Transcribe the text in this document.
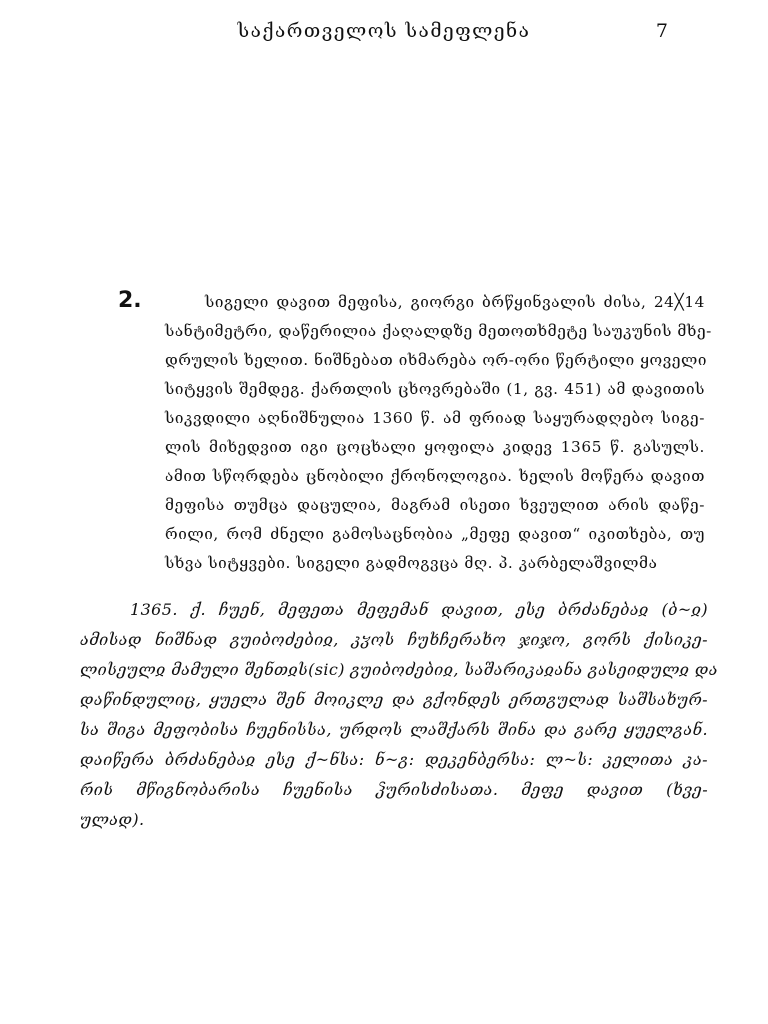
საქართველოს სამეფლენა	7
2.	სიგელი დავით მეფისა, გიორგი ბრწყინვალის ძისა, 24╳14
სანტიმეტრი, დაწერილია ქაღალდზე მეთოთხმეტე საუკუნის მხე-
დრულის ხელით. ნიშნებათ იხმარება ორ-ორი წერტილი ყოველი
სიტყვის შემდეგ. ქართლის ცხოვრებაში (1, გვ. 451) ამ დავითის
სიკვდილი აღნიშნულია 1360 წ. ამ ფრიად საყურადღებო სიგე-
ლის მიხედვით იგი ცოცხალი ყოფილა კიდევ 1365 წ. გასულს.
ამით სწორდება ცნობილი ქრონოლოგია. ხელის მოწერა დავით
მეფისა თუმცა დაცულია, მაგრამ ისეთი ხვეულით არის დაწე-
რილი, რომ ძნელი გამოსაცნობია „მეფე დავით“ იკითხება, თუ
სხვა სიტყვები. სიგელი გადმოგვცა მღ. პ. კარბელაშვილმა
1365. ქ. ჩუენ, მეფეთა მეფემან დავით, ესე ბრძანებაჲ (ბ~ჲ)
ამისად ნიშნად გუიბოძებიჲ, კჳოს ჩუხჩერახო ჯიჯო, გორს ქისიკე-
ლისეულჲ მამული შენთჲს(sic) გუიბოძებიჲ, საშარიკაჲანა გასეიდულჲ და
დაწინდულიც, ყუელა შენ მოიკლე და გქონდეს ერთგულად საშსახურ-
სა შიგა მეფობისა ჩუენისსა, ურდოს ლაშქარს შინა და გარე ყუელგან.
დაიწერა ბრძანებაჲ ესე ქ~ნსა: ნ~გ: დეკენბერსა: ლ~ს: კელითა კა-
რის მწიგნობარისა ჩუენისა ჴურისძისათა. მეფე დავით (ხვე-
ულად).
